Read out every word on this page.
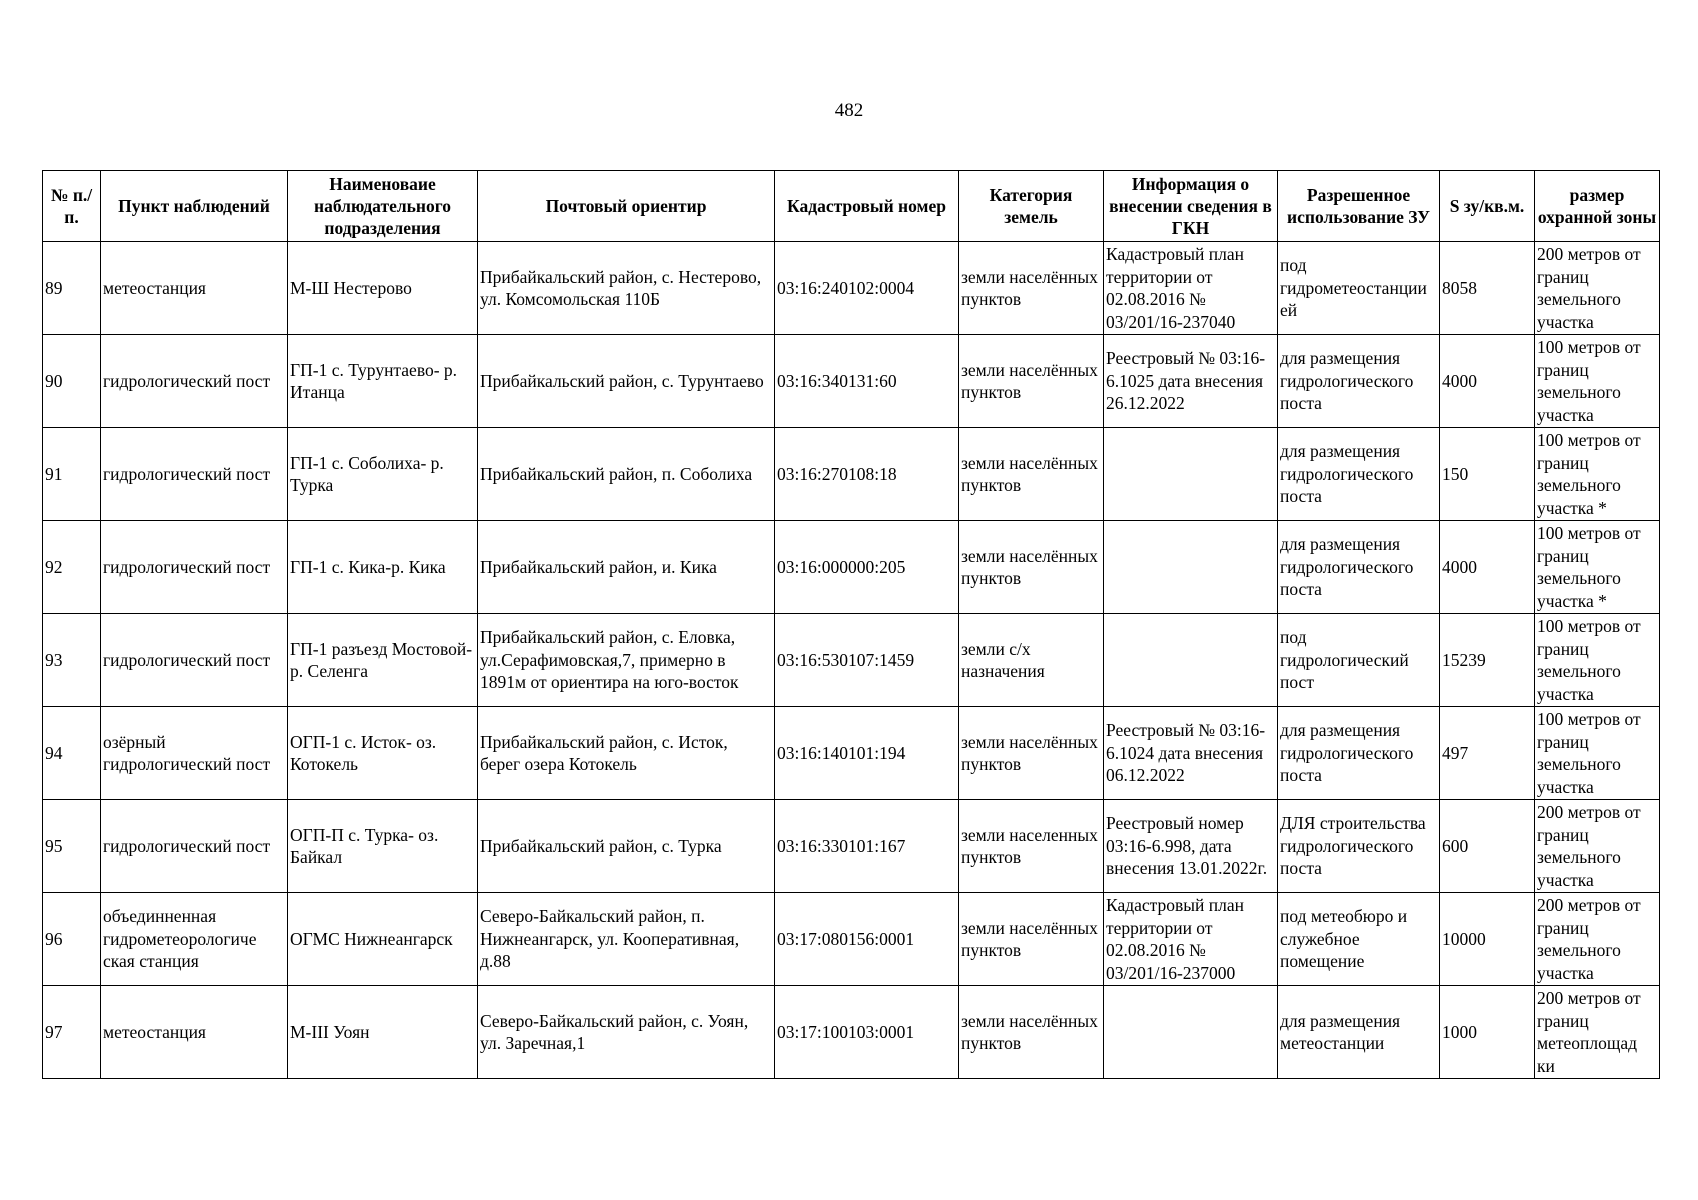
482
№ п./п.	Пункт наблюдений	Наименоваие наблюдательного подразделения	Почтовый ориентир	Кадастровый номер	Категория земель	Информация о внесении сведения в ГКН	Разрешенное использование ЗУ	S зу/кв.м.	размер охранной зоны
89	метеостанция	М-Ш Нестерово	Прибайкальский район, с. Нестерово, ул. Комсомольская 110Б	03:16:240102:0004	земли населённых пунктов	Кадастровый план территории от 02.08.2016 № 03/201/16-237040	под гидрометеостанции ей	8058	200 метров от границ земельного участка
90	гидрологический пост	ГП-1 с. Турунтаево- р. Итанца	Прибайкальский район, с. Турунтаево	03:16:340131:60	земли населённых пунктов	Реестровый № 03:16-6.1025 дата внесения 26.12.2022	для размещения гидрологического поста	4000	100 метров от границ земельного участка
91	гидрологический пост	ГП-1 с. Соболиха- р. Турка	Прибайкальский район, п. Соболиха	03:16:270108:18	земли населённых пунктов		для размещения гидрологического поста	150	100 метров от границ земельного участка *
92	гидрологический пост	ГП-1 с. Кика-р. Кика	Прибайкальский район, и. Кика	03:16:000000:205	земли населённых пунктов		для размещения гидрологического поста	4000	100 метров от границ земельного участка *
93	гидрологический пост	ГП-1 разъезд Мостовой-р. Селенга	Прибайкальский район, с. Еловка, ул.Серафимовская,7, примерно в 1891м от ориентира на юго-восток	03:16:530107:1459	земли с/х назначения		под гидрологический пост	15239	100 метров от границ земельного участка
94	озёрный гидрологический пост	ОГП-1 с. Исток- оз. Котокель	Прибайкальский район, с. Исток, берег озера Котокель	03:16:140101:194	земли населённых пунктов	Реестровый № 03:16-6.1024 дата внесения 06.12.2022	для размещения гидрологического поста	497	100 метров от границ земельного участка
95	гидрологический пост	ОГП-П с. Турка- оз. Байкал	Прибайкальский район, с. Турка	03:16:330101:167	земли населенных пунктов	Реестровый номер 03:16-6.998, дата внесения 13.01.2022г.	ДЛЯ строительства гидрологического поста	600	200 метров от границ земельного участка
96	объединненная гидрометеорологиче ская станция	ОГМС Нижнеангарск	Северо-Байкальский район, п. Нижнеангарск, ул. Кооперативная, д.88	03:17:080156:0001	земли населённых пунктов	Кадастровый план территории от 02.08.2016 № 03/201/16-237000	под метеобюро и служебное помещение	10000	200 метров от границ земельного участка
97	метеостанция	М-III Уоян	Северо-Байкальский район, с. Уоян, ул. Заречная,1	03:17:100103:0001	земли населённых пунктов		для размещения метеостанции	1000	200 метров от границ метеоплощад ки
